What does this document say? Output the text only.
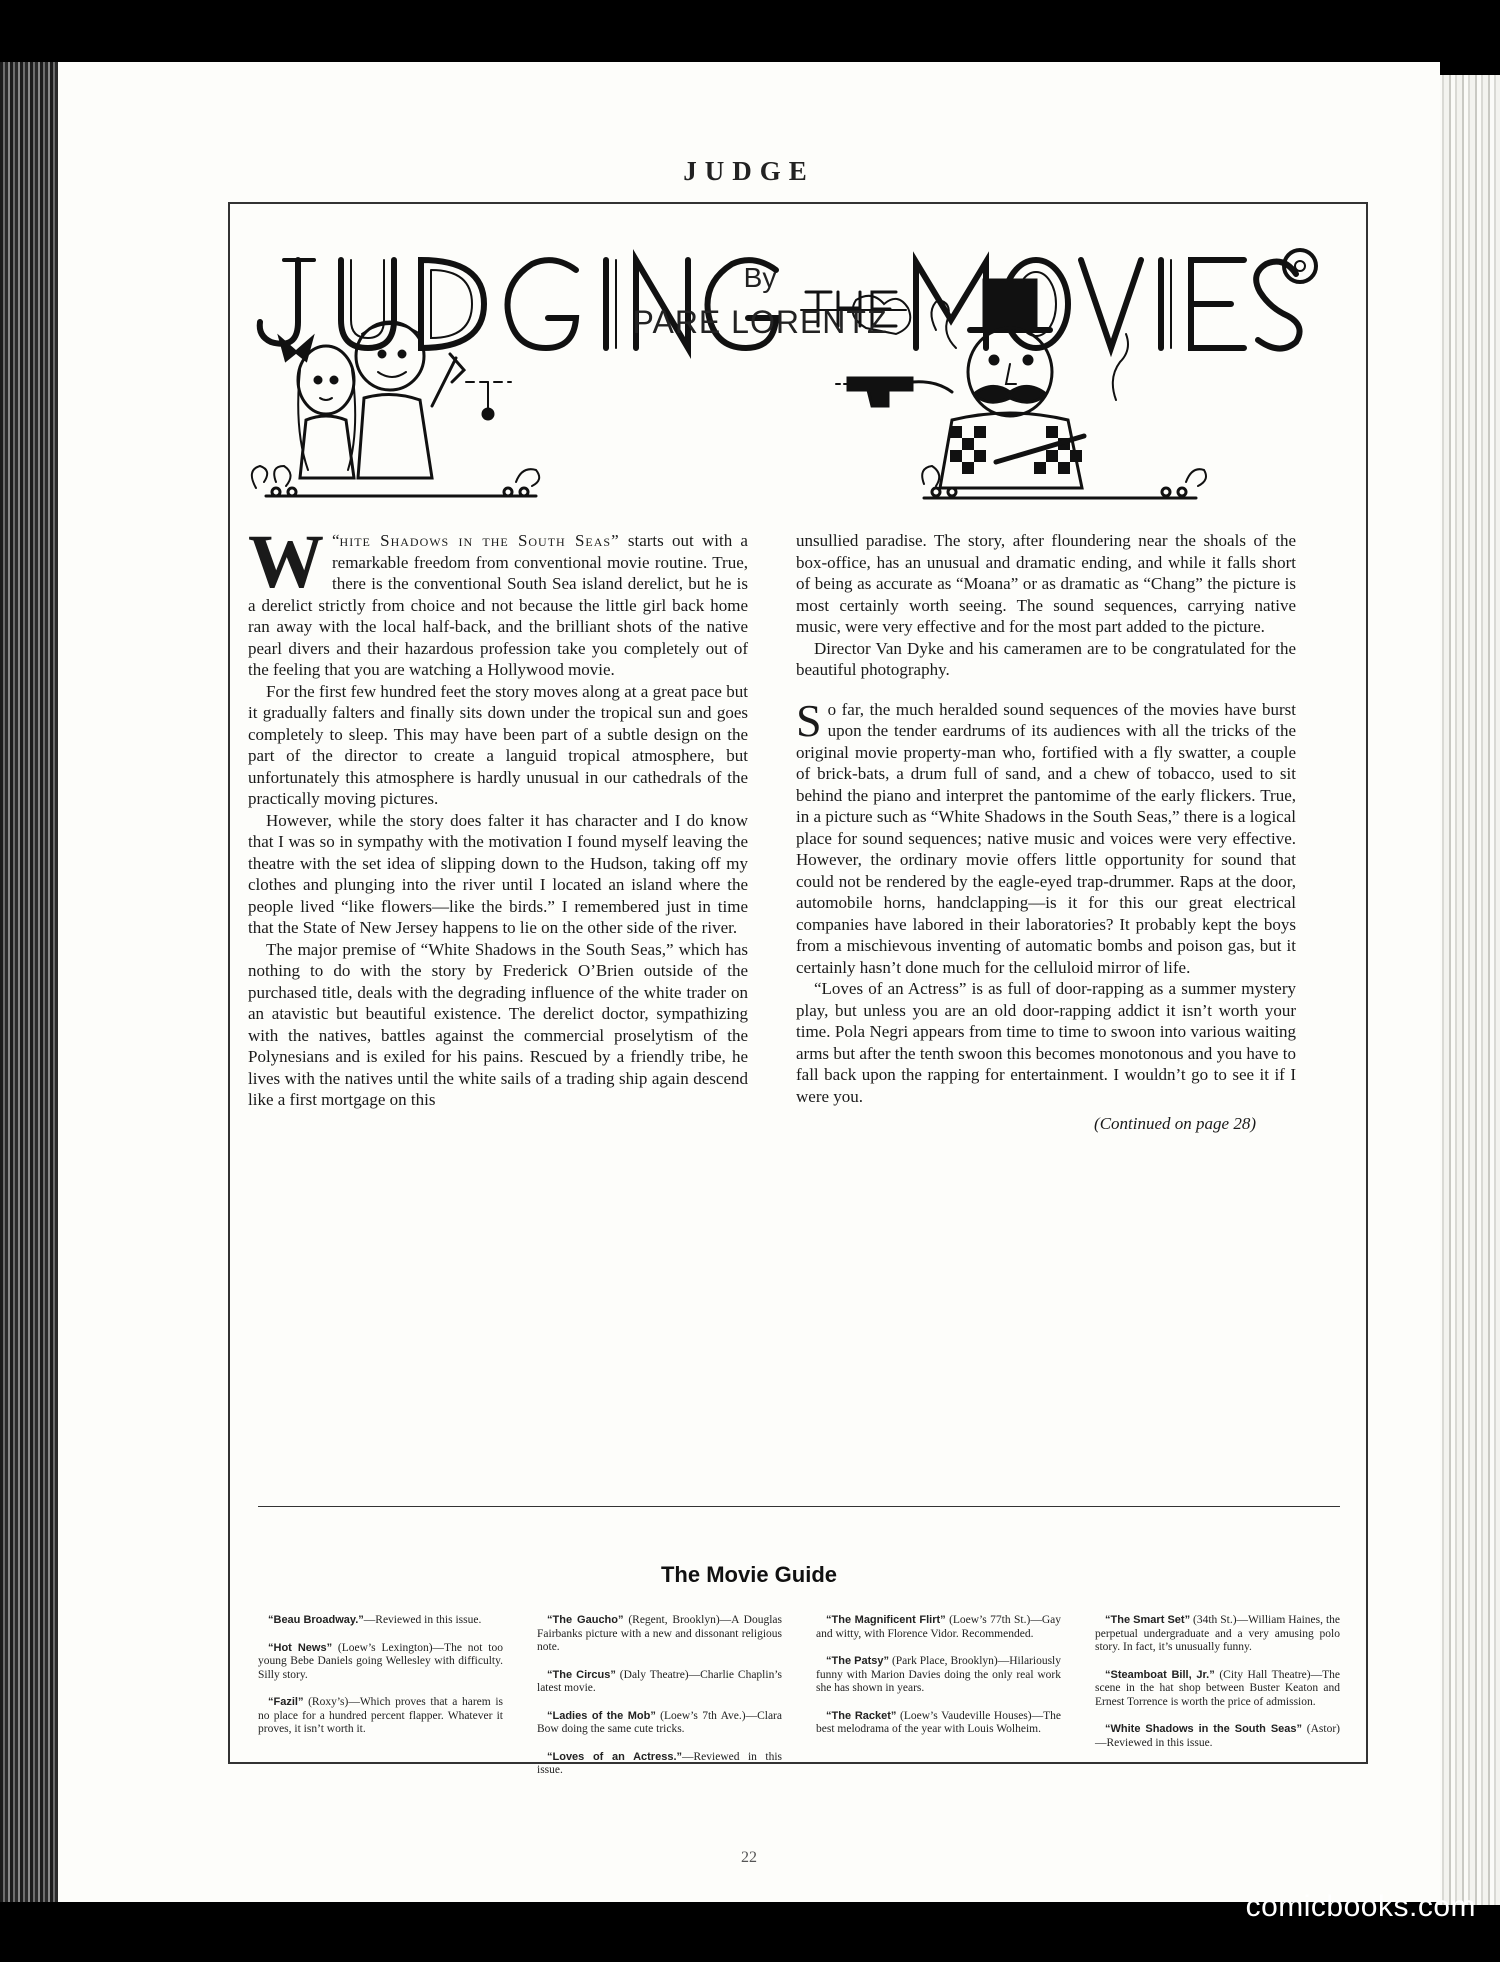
JUDGE
By
PARE LORENTZ

“
W hite Shadows in the South Seas” starts out with a remarkable freedom from conventional movie routine. True, there is the conventional South Sea island derelict, but he is a derelict strictly from choice and not because the little girl back home ran away with the local half-back, and the brilliant shots of the native pearl divers and their hazardous profession take you completely out of the feeling that you are watching a Hollywood movie.

For the first few hundred feet the story moves along at a great pace but it gradually falters and finally sits down under the tropical sun and goes completely to sleep. This may have been part of a subtle design on the part of the director to create a languid tropical atmosphere, but unfortunately this atmosphere is hardly unusual in our cathedrals of the practically moving pictures.

However, while the story does falter it has character and I do know that I was so in sympathy with the motivation I found myself leaving the theatre with the set idea of slipping down to the Hudson, taking off my clothes and plunging into the river until I located an island where the people lived “like flowers—like the birds.” I remembered just in time that the State of New Jersey happens to lie on the other side of the river.

The major premise of “White Shadows in the South Seas,” which has nothing to do with the story by Frederick O’Brien outside of the purchased title, deals with the degrading influence of the white trader on an atavistic but beautiful existence. The derelict doctor, sympathizing with the natives, battles against the commercial proselytism of the Polynesians and is exiled for his pains. Rescued by a friendly tribe, he lives with the natives until the white sails of a trading ship again descend like a first mortgage on this

unsullied paradise. The story, after floundering near the shoals of the box-office, has an unusual and dramatic ending, and while it falls short of being as accurate as “Moana” or as dramatic as “Chang” the picture is most certainly worth seeing. The sound sequences, carrying native music, were very effective and for the most part added to the picture.

Director Van Dyke and his cameramen are to be congratulated for the beautiful photography.

So far, the much heralded sound sequences of the movies have burst upon the tender eardrums of its audiences with all the tricks of the original movie property-man who, fortified with a fly swatter, a couple of brick-bats, a drum full of sand, and a chew of tobacco, used to sit behind the piano and interpret the pantomime of the early flickers. True, in a picture such as “White Shadows in the South Seas,” there is a logical place for sound sequences; native music and voices were very effective. However, the ordinary movie offers little opportunity for sound that could not be rendered by the eagle-eyed trap-drummer. Raps at the door, automobile horns, handclapping—is it for this our great electrical companies have labored in their laboratories? It probably kept the boys from a mischievous inventing of automatic bombs and poison gas, but it certainly hasn’t done much for the celluloid mirror of life.

“Loves of an Actress” is as full of door-rapping as a summer mystery play, but unless you are an old door-rapping addict it isn’t worth your time. Pola Negri appears from time to time to swoon into various waiting arms but after the tenth swoon this becomes monotonous and you have to fall back upon the rapping for entertainment. I wouldn’t go to see it if I were you.

(Continued on page 28)
The Movie Guide

“Beau Broadway.”—Reviewed in this issue.

“Hot News” (Loew’s Lexington)—The not too young Bebe Daniels going Wellesley with difficulty. Silly story.

“Fazil” (Roxy’s)—Which proves that a harem is no place for a hundred percent flapper. Whatever it proves, it isn’t worth it.

“The Gaucho” (Regent, Brooklyn)—A Douglas Fairbanks picture with a new and dissonant religious note.

“The Circus” (Daly Theatre)—Charlie Chaplin’s latest movie.

“Ladies of the Mob” (Loew’s 7th Ave.)—Clara Bow doing the same cute tricks.

“Loves of an Actress.”—Reviewed in this issue.

“The Magnificent Flirt” (Loew’s 77th St.)—Gay and witty, with Florence Vidor. Recommended.

“The Patsy” (Park Place, Brooklyn)—Hilariously funny with Marion Davies doing the only real work she has shown in years.

“The Racket” (Loew’s Vaudeville Houses)—The best melodrama of the year with Louis Wolheim.

“The Smart Set” (34th St.)—William Haines, the perpetual undergraduate and a very amusing polo story. In fact, it’s unusually funny.

“Steamboat Bill, Jr.” (City Hall Theatre)—The scene in the hat shop between Buster Keaton and Ernest Torrence is worth the price of admission.

“White Shadows in the South Seas” (Astor)—Reviewed in this issue.

22
comicbooks.com
